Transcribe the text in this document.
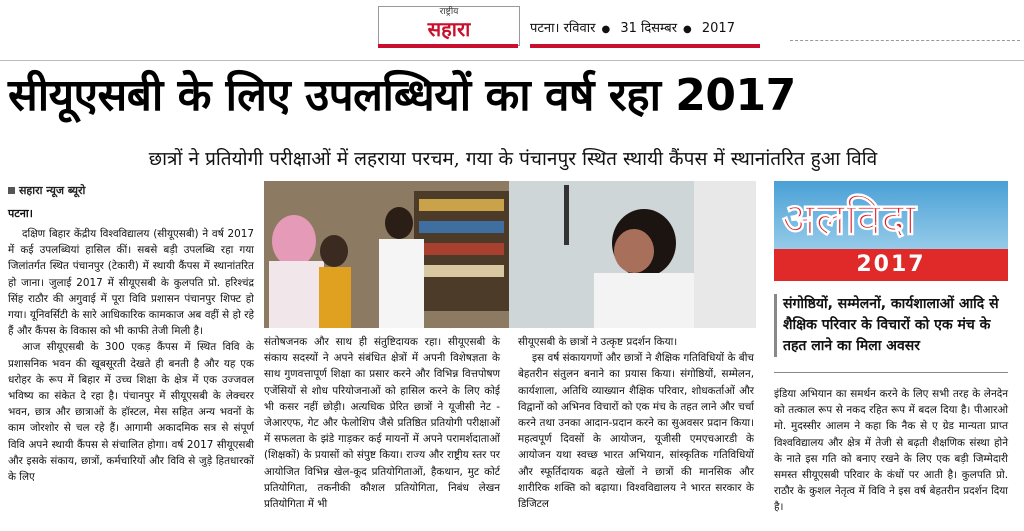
राष्ट्रीय
सहारा	पटना। रविवार ● 31 दिसम्बर ● 2017
सीयूएसबी के लिए उपलब्धियों का वर्ष रहा 2017
छात्रों ने प्रतियोगी परीक्षाओं में लहराया परचम, गया के पंचानपुर स्थित स्थायी कैंपस में स्थानांतरित हुआ विवि
सहारा न्यूज ब्यूरो
पटना।

दक्षिण बिहार केंद्रीय विश्वविद्यालय (सीयूएसबी) ने वर्ष 2017 में कई उपलब्धियां हासिल कीं। सबसे बड़ी उपलब्धि रहा गया जिलांतर्गत स्थित पंचानपुर (टेकारी) में स्थायी कैंपस में स्थानांतरित हो जाना। जुलाई 2017 में सीयूएसबी के कुलपति प्रो. हरिश्चंद्र सिंह राठौर की अगुवाई में पूरा विवि प्रशासन पंचानपुर शिफ्ट हो गया। यूनिवर्सिटी के सारे आधिकारिक कामकाज अब वहीं से हो रहे हैं और कैंपस के विकास को भी काफी तेजी मिली है।

आज सीयूएसबी के 300 एकड़ कैंपस में स्थित विवि के प्रशासनिक भवन की खूबसूरती देखते ही बनती है और यह एक धरोहर के रूप में बिहार में उच्च शिक्षा के क्षेत्र में एक उज्जवल भविष्य का संकेत दे रहा है। पंचानपुर में सीयूएसबी के लेक्चरर भवन, छात्र और छात्राओं के हॉस्टल, मेस सहित अन्य भवनों के काम जोरशोर से चल रहे हैं। आगामी अकादमिक सत्र से संपूर्ण विवि अपने स्थायी कैंपस से संचालित होगा। वर्ष 2017 सीयूएसबी और इसके संकाय, छात्रों, कर्मचारियों और विवि से जुड़े हितधारकों के लिए

संतोषजनक और साथ ही संतुष्टिदायक रहा। सीयूएसबी के संकाय सदस्यों ने अपने संबंधित क्षेत्रों में अपनी विशेषज्ञता के साथ गुणवत्तापूर्ण शिक्षा का प्रसार करने और विभिन्न वित्तपोषण एजेंसियों से शोध परियोजनाओं को हासिल करने के लिए कोई भी कसर नहीं छोड़ी। अत्यधिक प्रेरित छात्रों ने यूजीसी नेट - जेआरएफ, गेट और फेलोशिप जैसे प्रतिष्ठित प्रतियोगी परीक्षाओं में सफलता के झंडे गाड़कर कई मायनों में अपने परामर्शदाताओं (शिक्षकों) के प्रयासों को संपुष्ट किया। राज्य और राष्ट्रीय स्तर पर आयोजित विभिन्न खेल-कूद प्रतियोगिताओं, हैकथान, मुट कोर्ट प्रतियोगिता, तकनीकी कौशल प्रतियोगिता, निबंध लेखन प्रतियोगिता में भी

सीयूएसबी के छात्रों ने उत्कृष्ट प्रदर्शन किया।

इस वर्ष संकायगणों और छात्रों ने शैक्षिक गतिविधियों के बीच बेहतरीन संतुलन बनाने का प्रयास किया। संगोष्ठियों, सम्मेलन, कार्यशाला, अतिथि व्याख्यान शैक्षिक परिवार, शोधकर्ताओं और विद्वानों को अभिनव विचारों को एक मंच के तहत लाने और चर्चा करने तथा उनका आदान-प्रदान करने का सुअवसर प्रदान किया। महत्वपूर्ण दिवसों के आयोजन, यूजीसी एमएचआरडी के आयोजन यथा स्वच्छ भारत अभियान, सांस्कृतिक गतिविधियों और स्फूर्तिदायक बढ़ते खेलों ने छात्रों की मानसिक और शारीरिक शक्ति को बढ़ाया। विश्वविद्यालय ने भारत सरकार के डिजिटल

अलविदा
2017
संगोष्ठियों, सम्मेलनों, कार्यशालाओं आदि से शैक्षिक परिवार के विचारों को एक मंच के तहत लाने का मिला अवसर

इंडिया अभियान का समर्थन करने के लिए सभी तरह के लेनदेन को तत्काल रूप से नकद रहित रूप में बदल दिया है। पीआरओ मो. मुदस्सीर आलम ने कहा कि नैक से ए ग्रेड मान्यता प्राप्त विश्वविद्यालय और क्षेत्र में तेजी से बढ़ती शैक्षणिक संस्था होने के नाते इस गति को बनाए रखने के लिए एक बड़ी जिम्मेदारी समस्त सीयूएसबी परिवार के कंधों पर आती है। कुलपति प्रो. राठौर के कुशल नेतृत्व में विवि ने इस वर्ष बेहतरीन प्रदर्शन दिया है।
